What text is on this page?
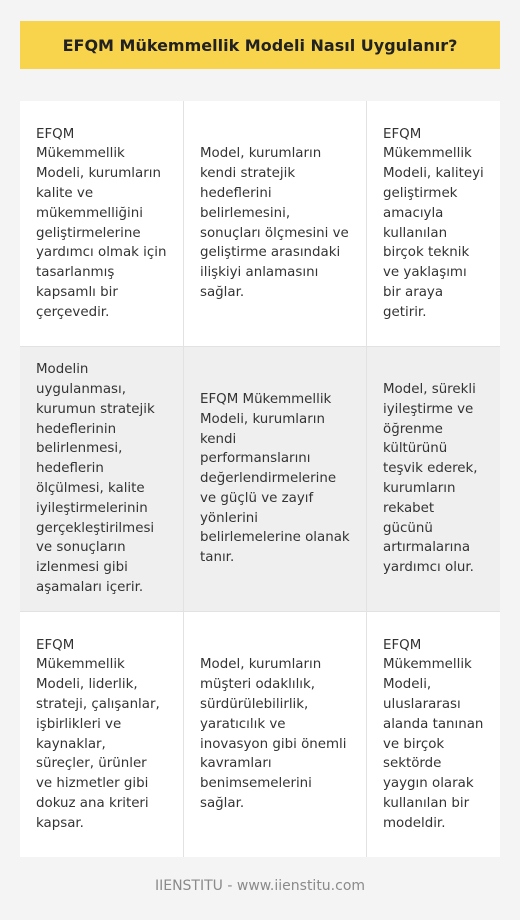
EFQM Mükemmellik Modeli Nasıl Uygulanır?
EFQM Mükemmellik Modeli, kurumların kalite ve mükemmelliğini geliştirmelerine yardımcı olmak için tasarlanmış kapsamlı bir çerçevedir.
Model, kurumların kendi stratejik hedeflerini belirlemesini, sonuçları ölçmesini ve geliştirme arasındaki ilişkiyi anlamasını sağlar.
EFQM Mükemmellik Modeli, kaliteyi geliştirmek amacıyla kullanılan birçok teknik ve yaklaşımı bir araya getirir.
Modelin uygulanması, kurumun stratejik hedeflerinin belirlenmesi, hedeflerin ölçülmesi, kalite iyileştirmelerinin gerçekleştirilmesi ve sonuçların izlenmesi gibi aşamaları içerir.
EFQM Mükemmellik Modeli, kurumların kendi performanslarını değerlendirmelerine ve güçlü ve zayıf yönlerini belirlemelerine olanak tanır.
Model, sürekli iyileştirme ve öğrenme kültürünü teşvik ederek, kurumların rekabet gücünü artırmalarına yardımcı olur.
EFQM Mükemmellik Modeli, liderlik, strateji, çalışanlar, işbirlikleri ve kaynaklar, süreçler, ürünler ve hizmetler gibi dokuz ana kriteri kapsar.
Model, kurumların müşteri odaklılık, sürdürülebilirlik, yaratıcılık ve inovasyon gibi önemli kavramları benimsemelerini sağlar.
EFQM Mükemmellik Modeli, uluslararası alanda tanınan ve birçok sektörde yaygın olarak kullanılan bir modeldir.
IIENSTITU - www.iienstitu.com
